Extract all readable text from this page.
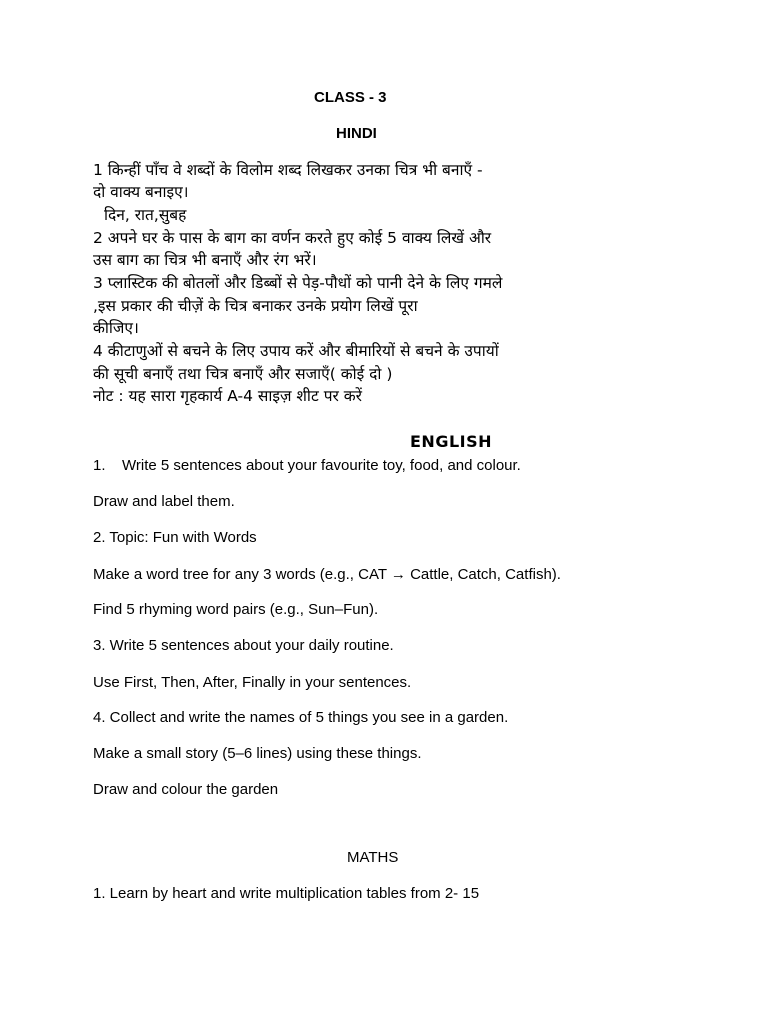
CLASS - 3
HINDI
1 किन्हीं पाँच वे शब्दों के विलोम शब्द लिखकर उनका चित्र भी बनाएँ -
दो वाक्य बनाइए।
दिन, रात,सुबह
2 अपने घर के पास के बाग का वर्णन करते हुए कोई 5 वाक्य लिखें और
उस बाग का चित्र भी बनाएँ और रंग भरें।
3 प्लास्टिक की बोतलों और डिब्बों से पेड़-पौधों को पानी देने के लिए गमले
,इस प्रकार की चीज़ें के चित्र बनाकर उनके प्रयोग लिखें पूरा
कीजिए।
4 कीटाणुओं से बचने के लिए उपाय करें और बीमारियों से बचने के उपायों
की सूची बनाएँ तथा चित्र बनाएँ और सजाएँ( कोई दो )
नोट : यह सारा गृहकार्य A-4 साइज़ शीट पर करें
ENGLISH
1. Write 5 sentences about your favourite toy, food, and colour.
Draw and label them.
2. Topic: Fun with Words
Make a word tree for any 3 words (e.g., CAT → Cattle, Catch, Catfish).
Find 5 rhyming word pairs (e.g., Sun–Fun).
3. Write 5 sentences about your daily routine.
Use First, Then, After, Finally in your sentences.
4. Collect and write the names of 5 things you see in a garden.
Make a small story (5–6 lines) using these things.
Draw and colour the garden
MATHS
1. Learn by heart and write multiplication tables from 2- 15
